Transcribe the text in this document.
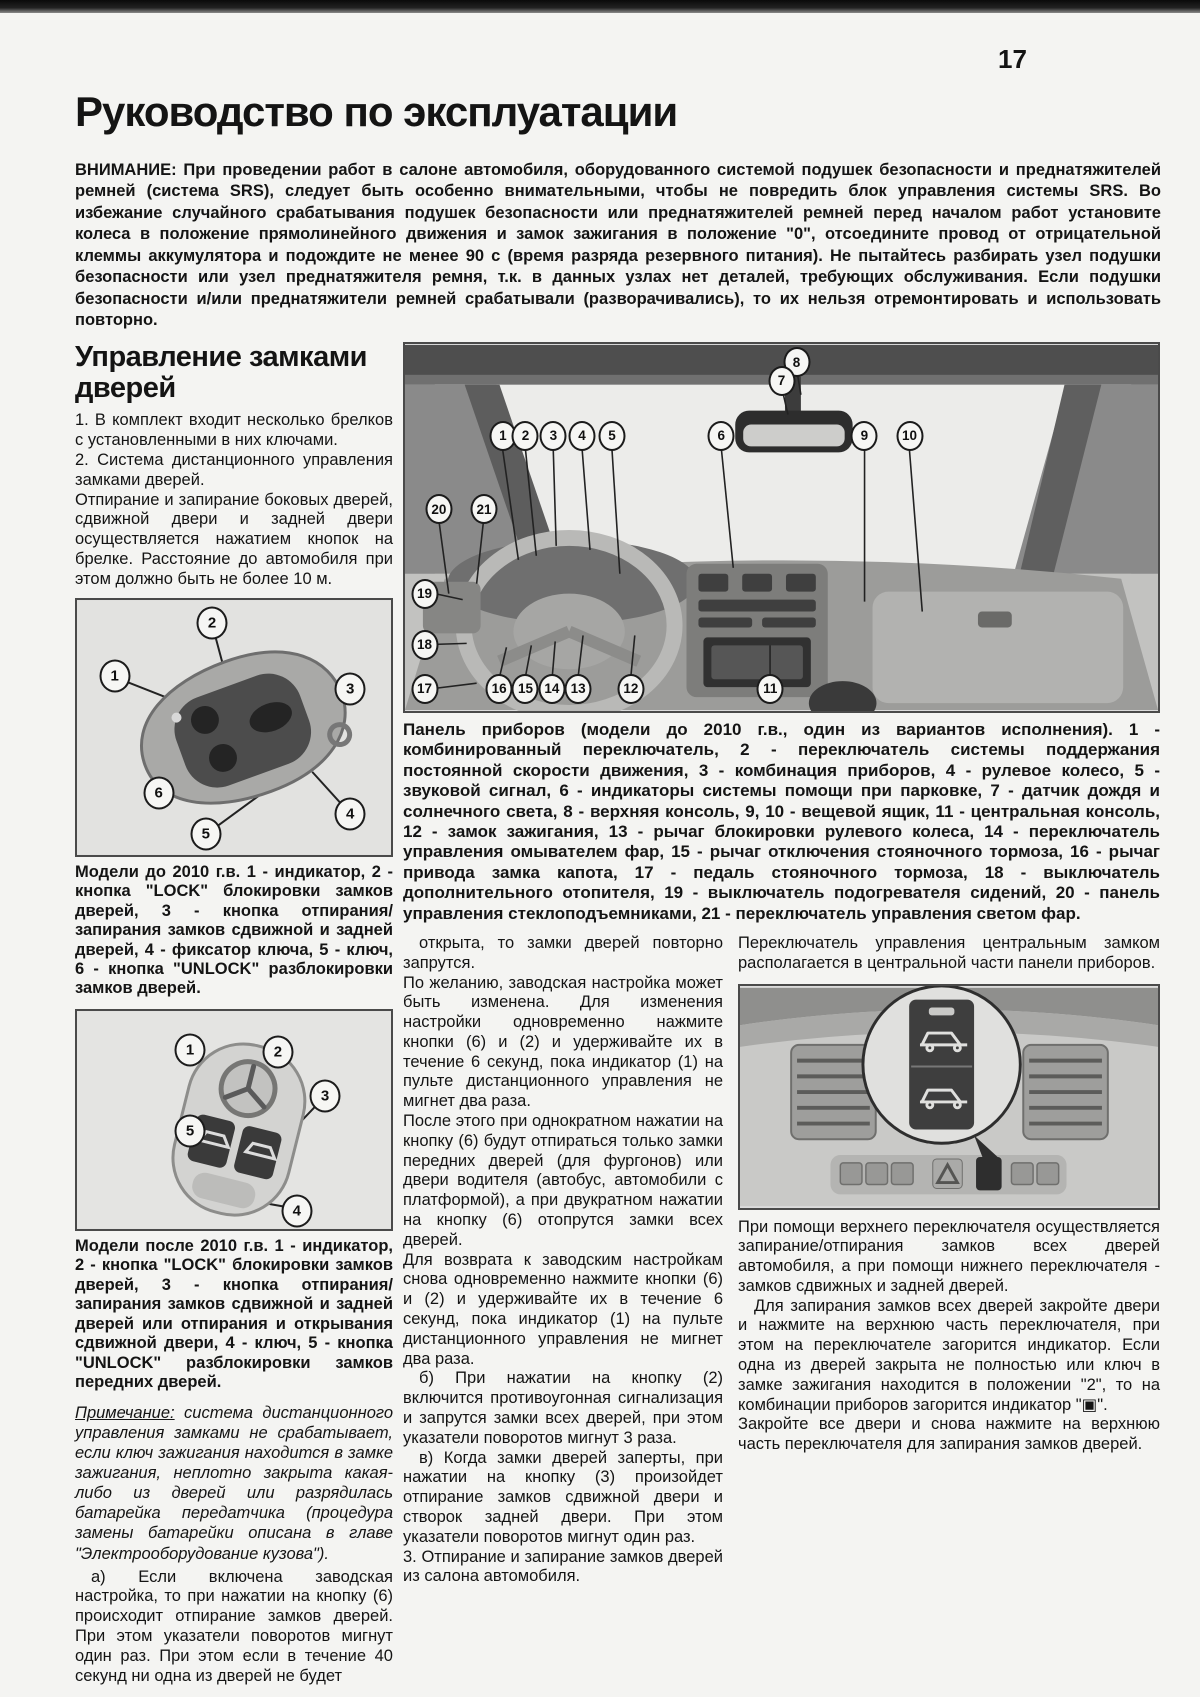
17
Руководство по эксплуатации
ВНИМАНИЕ: При проведении работ в салоне автомобиля, оборудованного системой подушек безопасности и преднатяжителей ремней (система SRS), следует быть особенно внимательными, чтобы не повредить блок управления системы SRS. Во избежание случайного срабатывания подушек безопасности или преднатяжителей ремней перед началом работ установите колеса в положение прямолинейного движения и замок зажигания в положение "0", отсоедините провод от отрицательной клеммы аккумулятора и подождите не менее 90 с (время разряда резервного питания). Не пытайтесь разбирать узел подушки безопасности или узел преднатяжителя ремня, т.к. в данных узлах нет деталей, требующих обслуживания. Если подушки безопасности и/или преднатяжители ремней срабатывали (разворачивались), то их нельзя отремонтировать и использовать повторно.
Управление замками дверей

1. В комплект входит несколько брелков с установленными в них ключами.

2. Система дистанционного управления замками дверей.

Отпирание и запирание боковых дверей, сдвижной двери и задней двери осуществляется нажатием кнопок на брелке. Расстояние до автомобиля при этом должно быть не более 10 м.

2
1
3
6
5
4

Модели до 2010 г.в. 1 - индикатор, 2 - кнопка "LOCK" блокировки замков дверей, 3 - кнопка отпирания/запирания замков сдвижной и задней дверей, 4 - фиксатор ключа, 5 - ключ, 6 - кнопка "UNLOCK" разблокировки замков дверей.

1	2
3
5
4

Модели после 2010 г.в. 1 - индикатор, 2 - кнопка "LOCK" блокировки замков дверей, 3 - кнопка отпирания/ запирания замков сдвижной и задней дверей или отпирания и открывания сдвижной двери, 4 - ключ, 5 - кнопка "UNLOCK" разблокировки замков передних дверей.

Примечание: система дистанционного управления замками не срабатывает, если ключ зажигания находится в замке зажигания, неплотно закрыта какая-либо из дверей или разрядилась батарейка передатчика (процедура замены батарейки описана в главе "Электрооборудование кузова").

а) Если включена заводская настройка, то при нажатии на кнопку (6) происходит отпирание замков дверей. При этом указатели поворотов мигнут один раз. При этом если в течение 40 секунд ни одна из дверей не будет

8
7
1	2	3	4	5	6	9	10
20	21
19
18
17	16 15 14 13	12	11

Панель приборов (модели до 2010 г.в., один из вариантов исполнения). 1 - комбинированный переключатель, 2 - переключатель системы поддержания постоянной скорости движения, 3 - комбинация приборов, 4 - рулевое колесо, 5 - звуковой сигнал, 6 - индикаторы системы помощи при парковке, 7 - датчик дождя и солнечного света, 8 - верхняя консоль, 9, 10 - вещевой ящик, 11 - центральная консоль, 12 - замок зажигания, 13 - рычаг блокировки рулевого колеса, 14 - переключатель управления омывателем фар, 15 - рычаг отключения стояночного тормоза, 16 - рычаг привода замка капота, 17 - педаль стояночного тормоза, 18 - выключатель дополнительного отопителя, 19 - выключатель подогревателя сидений, 20 - панель управления стеклоподъемниками, 21 - переключатель управления светом фар.

открыта, то замки дверей повторно запрутся.

По желанию, заводская настройка может быть изменена. Для изменения настройки одновременно нажмите кнопки (6) и (2) и удерживайте их в течение 6 секунд, пока индикатор (1) на пульте дистанционного управления не мигнет два раза.

После этого при однократном нажатии на кнопку (6) будут отпираться только замки передних дверей (для фургонов) или двери водителя (автобус, автомобили с платформой), а при двукратном нажатии на кнопку (6) отопрутся замки всех дверей.

Для возврата к заводским настройкам снова одновременно нажмите кнопки (6) и (2) и удерживайте их в течение 6 секунд, пока индикатор (1) на пульте дистанционного управления не мигнет два раза.

б) При нажатии на кнопку (2) включится противоугонная сигнализация и запрутся замки всех дверей, при этом указатели поворотов мигнут 3 раза.

в) Когда замки дверей заперты, при нажатии на кнопку (3) произойдет отпирание замков сдвижной двери и створок задней двери. При этом указатели поворотов мигнут один раз.

3. Отпирание и запирание замков дверей из салона автомобиля.

Переключатель управления центральным замком располагается в центральной части панели приборов.

При помощи верхнего переключателя осуществляется запирание/отпирания замков всех дверей автомобиля, а при помощи нижнего переключателя - замков сдвижных и задней дверей.

Для запирания замков всех дверей закройте двери и нажмите на верхнюю часть переключателя, при этом на переключателе загорится индикатор. Если одна из дверей закрыта не полностью или ключ в замке зажигания находится в положении "2", то на комбинации приборов загорится индикатор "▣".

Закройте все двери и снова нажмите на верхнюю часть переключателя для запирания замков дверей.
